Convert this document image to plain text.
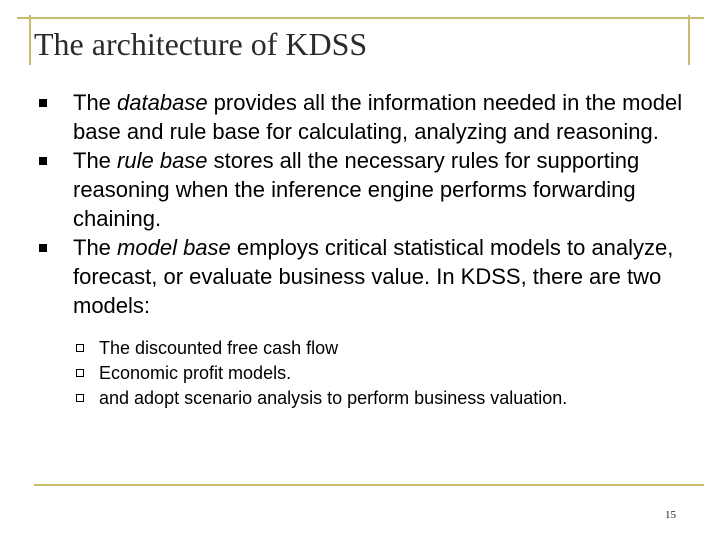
The architecture of KDSS
The database provides all the information needed in the model base and rule base for calculating, analyzing and reasoning.
The rule base stores all the necessary rules for supporting reasoning when the inference engine performs forwarding chaining.
The model base employs critical statistical models to analyze, forecast, or evaluate business value. In KDSS, there are two models:
The discounted free cash flow
Economic profit models.
and adopt scenario analysis to perform business valuation.
15
